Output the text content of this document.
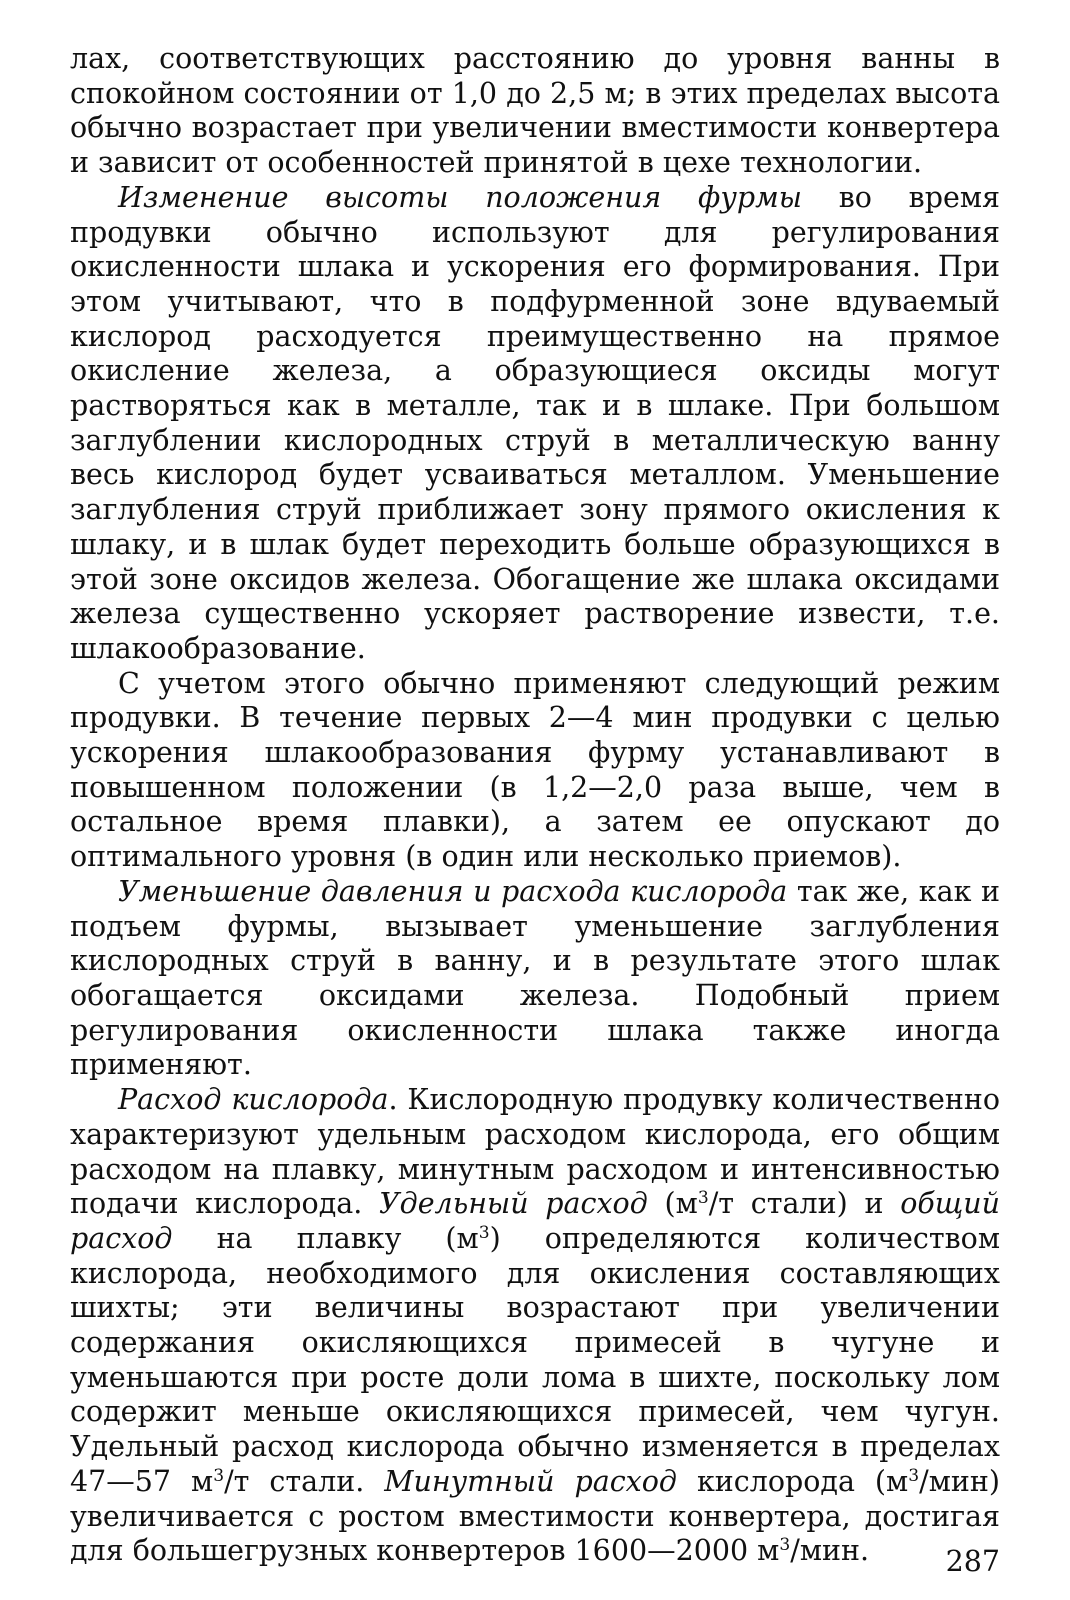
лах, соответствующих расстоянию до уровня ванны в спокойном состоянии от 1,0 до 2,5 м; в этих пределах высота обычно возрастает при увеличении вместимости конвертера и зависит от особенностей принятой в цехе технологии.

Изменение высоты положения фурмы во время продувки обычно используют для регулирования окисленности шлака и ускорения его формирования. При этом учитывают, что в подфурменной зоне вдуваемый кислород расходуется преимущественно на прямое окисление железа, а образующиеся оксиды могут растворяться как в металле, так и в шлаке. При большом заглублении кислородных струй в металлическую ванну весь кислород будет усваиваться металлом. Уменьшение заглубления струй приближает зону прямого окисления к шлаку, и в шлак будет переходить больше образующихся в этой зоне оксидов железа. Обогащение же шлака оксидами железа существенно ускоряет растворение извести, т.е. шлакообразование.

С учетом этого обычно применяют следующий режим продувки. В течение первых 2—4 мин продувки с целью ускорения шлакообразования фурму устанавливают в повышенном положении (в 1,2—2,0 раза выше, чем в остальное время плавки), а затем ее опускают до оптимального уровня (в один или несколько приемов).

Уменьшение давления и расхода кислорода так же, как и подъем фурмы, вызывает уменьшение заглубления кислородных струй в ванну, и в результате этого шлак обогащается оксидами железа. Подобный прием регулирования окисленности шлака также иногда применяют.

Расход кислорода. Кислородную продувку количественно характеризуют удельным расходом кислорода, его общим расходом на плавку, минутным расходом и интенсивностью подачи кислорода. Удельный расход ($м^3/т$ стали) и общий расход на плавку $(м^3)$ определяются количеством кислорода, необходимого для окисления составляющих шихты; эти величины возрастают при увеличении содержания окисляющихся примесей в чугуне и уменьшаются при росте доли лома в шихте, поскольку лом содержит меньше окисляющихся примесей, чем чугун. Удельный расход кислорода обычно изменяется в пределах 47—57 $м^3/т$ стали. Минутный расход кислорода $(м^3/мин)$ увеличивается с ростом вместимости конвертера, достигая для большегрузных конвертеров 1600—2000 $м^3$/мин.	287
